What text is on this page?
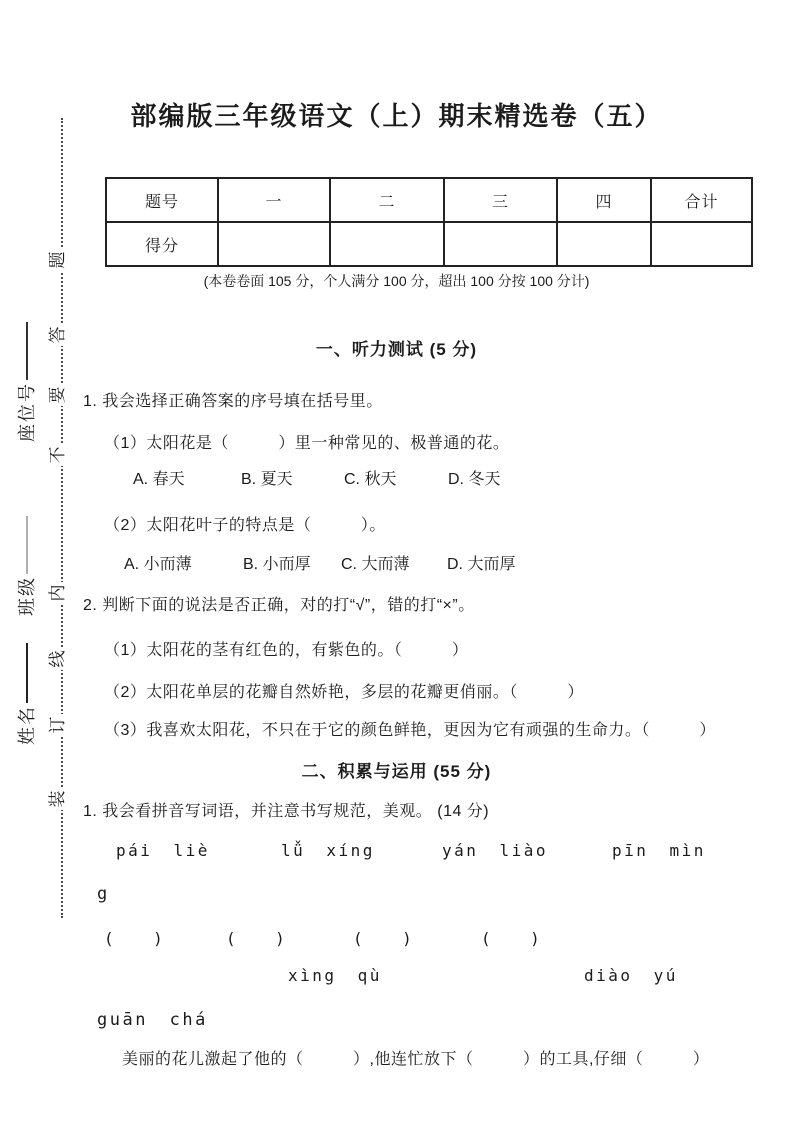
题
答
要
不
内
线
订
装
座位号
班级
姓名
部编版三年级语文（上）期末精选卷（五）
题号	一	二	三	四	合计
得分					
(本卷卷面 105 分，个人满分 100 分，超出 100 分按 100 分计)
一、听力测试 (5 分)
1. 我会选择正确答案的序号填在括号里。
（1）太阳花是（　　　）里一种常见的、极普通的花。
A. 春天	B. 夏天	C. 秋天	D. 冬天
（2）太阳花叶子的特点是（　　　）。
A. 小而薄	B. 小而厚 C. 大而薄 D. 大而厚
2. 判断下面的说法是否正确，对的打“√”，错的打“×”。
（1）太阳花的茎有红色的，有紫色的。（　　　）
（2）太阳花单层的花瓣自然娇艳，多层的花瓣更俏丽。（　　　）
（3）我喜欢太阳花，不只在于它的颜色鲜艳，更因为它有顽强的生命力。（　　　）
二、积累与运用 (55 分)
1. 我会看拼音写词语，并注意书写规范，美观。 (14 分)
pái liè	lǚ xíng	yán liào	pīn mìn
g
(　　)	(　　)	(　　)	(　　)
xìng qù	diào yú
guān chá
美丽的花儿激起了他的（　　　）,他连忙放下（　　　）的工具,仔细（　　　）
